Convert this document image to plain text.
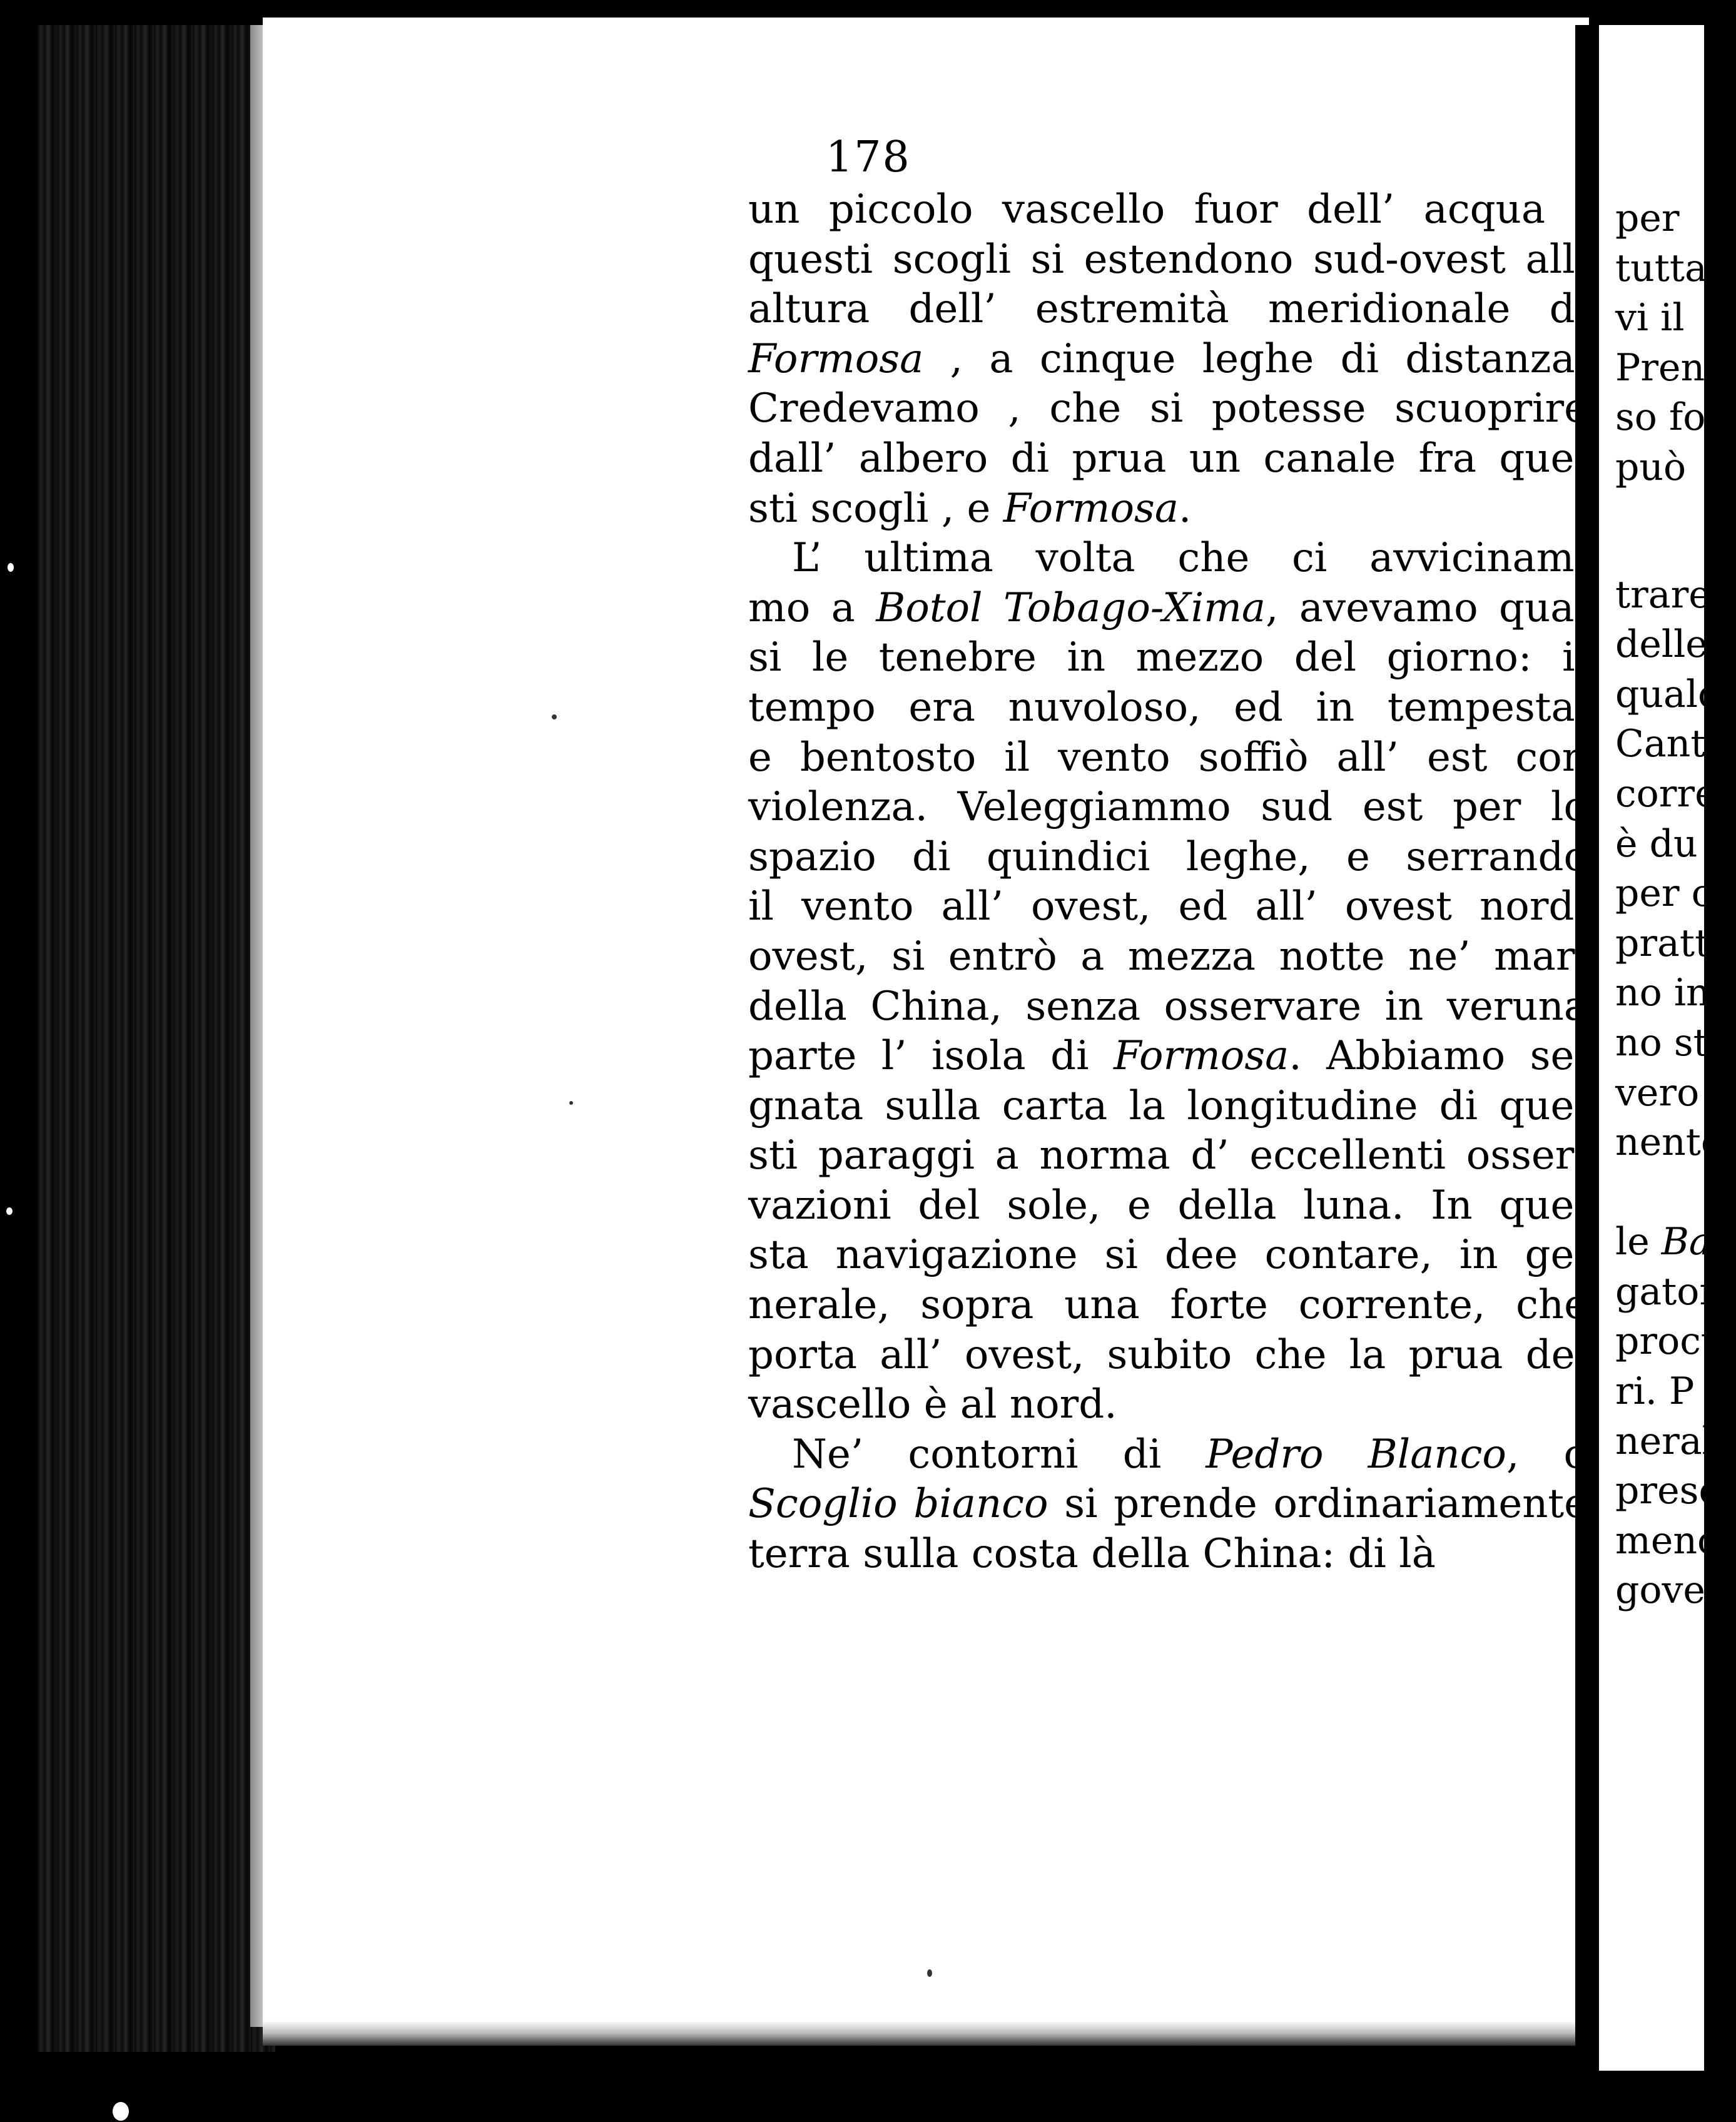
178
un piccolo vascello fuor dell’ acqua :
questi scogli si estendono sud-ovest all’
altura dell’ estremità meridionale di
Formosa , a cinque leghe di distanza.
Credevamo , che si potesse scuoprire
dall’ albero di prua un canale fra que-
sti scogli , e Formosa.
L’ ultima volta che ci avvicinam-
mo a Botol Tobago-Xima, avevamo qua-
si le tenebre in mezzo del giorno: il
tempo era nuvoloso, ed in tempesta,
e bentosto il vento soffiò all’ est con
violenza. Veleggiammo sud est per lo
spazio di quindici leghe, e serrando
il vento all’ ovest, ed all’ ovest nord-
ovest, si entrò a mezza notte ne’ mari
della China, senza osservare in veruna
parte l’ isola di Formosa. Abbiamo se-
gnata sulla carta la longitudine di que-
sti paraggi a norma d’ eccellenti osser-
vazioni del sole, e della luna. In que-
sta navigazione si dee contare, in ge-
nerale, sopra una forte corrente, che
porta all’ ovest, subito che la prua del
vascello è al nord.
Ne’ contorni di Pedro Blanco, o
Scoglio bianco si prende ordinariamente
terra sulla costa della China: di là
per
tutta
vi il
Prend
so fo
può
trare
delle
qualc
Canto
corre
è du
per c
pratti
no in
no st
vero
nente
le Ba
gator
procu
ri. P
nerale
preso
meno
gover
